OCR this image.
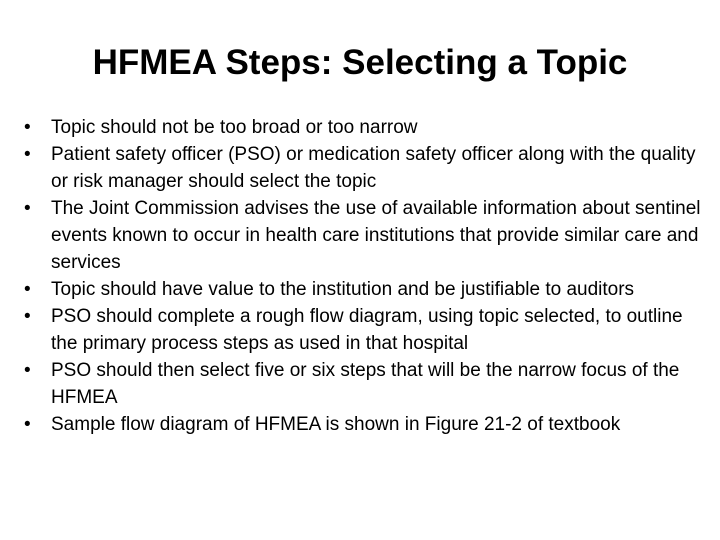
HFMEA Steps: Selecting a Topic
•	Topic should not be too broad or too narrow
•	Patient safety officer (PSO) or medication safety officer along with the quality or risk manager should select the topic
•	The Joint Commission advises the use of available information about sentinel events known to occur in health care institutions that provide similar care and services
•	Topic should have value to the institution and be justifiable to auditors
•	PSO should complete a rough flow diagram, using topic selected, to outline the primary process steps as used in that hospital
•	PSO should then select five or six steps that will be the narrow focus of the HFMEA
•	Sample flow diagram of HFMEA is shown in Figure 21-2 of textbook
